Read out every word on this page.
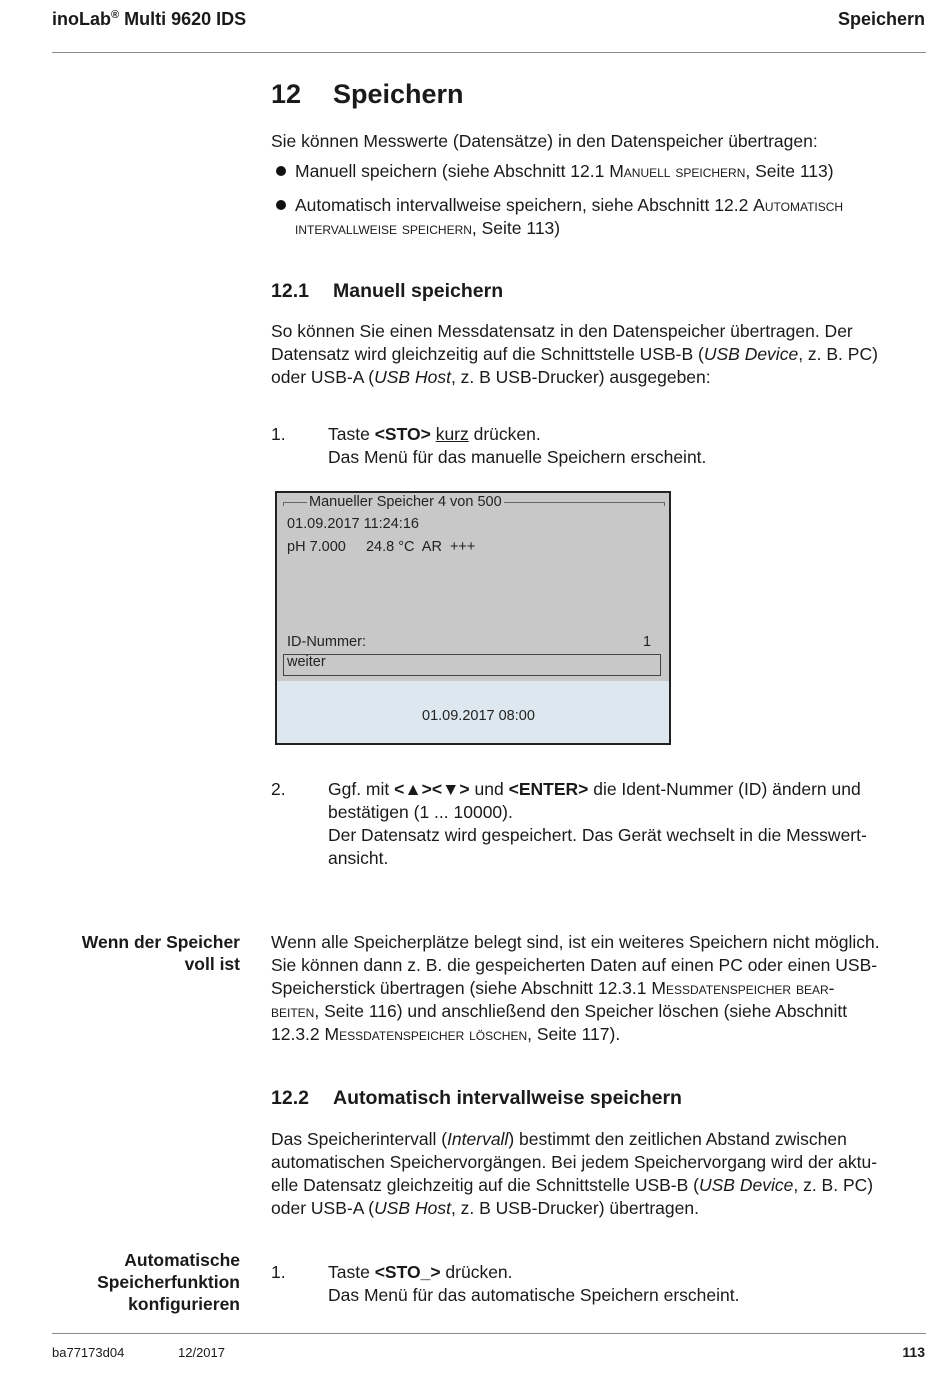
inoLab® Multi 9620 IDS	Speichern
12 Speichern
Sie können Messwerte (Datensätze) in den Datenspeicher übertragen:
Manuell speichern (siehe Abschnitt 12.1 Manuell speichern, Seite 113)
Automatisch intervallweise speichern, siehe Abschnitt 12.2 Automatisch
intervallweise speichern, Seite 113)
12.1 Manuell speichern
So können Sie einen Messdatensatz in den Datenspeicher übertragen. Der
Datensatz wird gleichzeitig auf die Schnittstelle USB-B (USB Device, z. B. PC)
oder USB-A (USB Host, z. B USB-Drucker) ausgegeben:
1. Taste <STO> kurz drücken.
Das Menü für das manuelle Speichern erscheint.
Manueller Speicher 4 von 500
01.09.2017 11:24:16
pH 7.000     24.8 °C  AR  +++
ID-Nummer:	1
weiter
01.09.2017 08:00
2. Ggf. mit <▲><▼> und <ENTER> die Ident-Nummer (ID) ändern und
bestätigen (1 ... 10000).
Der Datensatz wird gespeichert. Das Gerät wechselt in die Messwert-
ansicht.
Wenn der Speicher
voll ist
Wenn alle Speicherplätze belegt sind, ist ein weiteres Speichern nicht möglich.
Sie können dann z. B. die gespeicherten Daten auf einen PC oder einen USB-
Speicherstick übertragen (siehe Abschnitt 12.3.1 Messdatenspeicher bear-
beiten, Seite 116) und anschließend den Speicher löschen (siehe Abschnitt
12.3.2 Messdatenspeicher löschen, Seite 117).
12.2 Automatisch intervallweise speichern
Das Speicherintervall (Intervall) bestimmt den zeitlichen Abstand zwischen
automatischen Speichervorgängen. Bei jedem Speichervorgang wird der aktu-
elle Datensatz gleichzeitig auf die Schnittstelle USB-B (USB Device, z. B. PC)
oder USB-A (USB Host, z. B USB-Drucker) übertragen.
Automatische
Speicherfunktion
konfigurieren
1. Taste <STO_> drücken.
Das Menü für das automatische Speichern erscheint.
ba77173d04	12/2017	113
